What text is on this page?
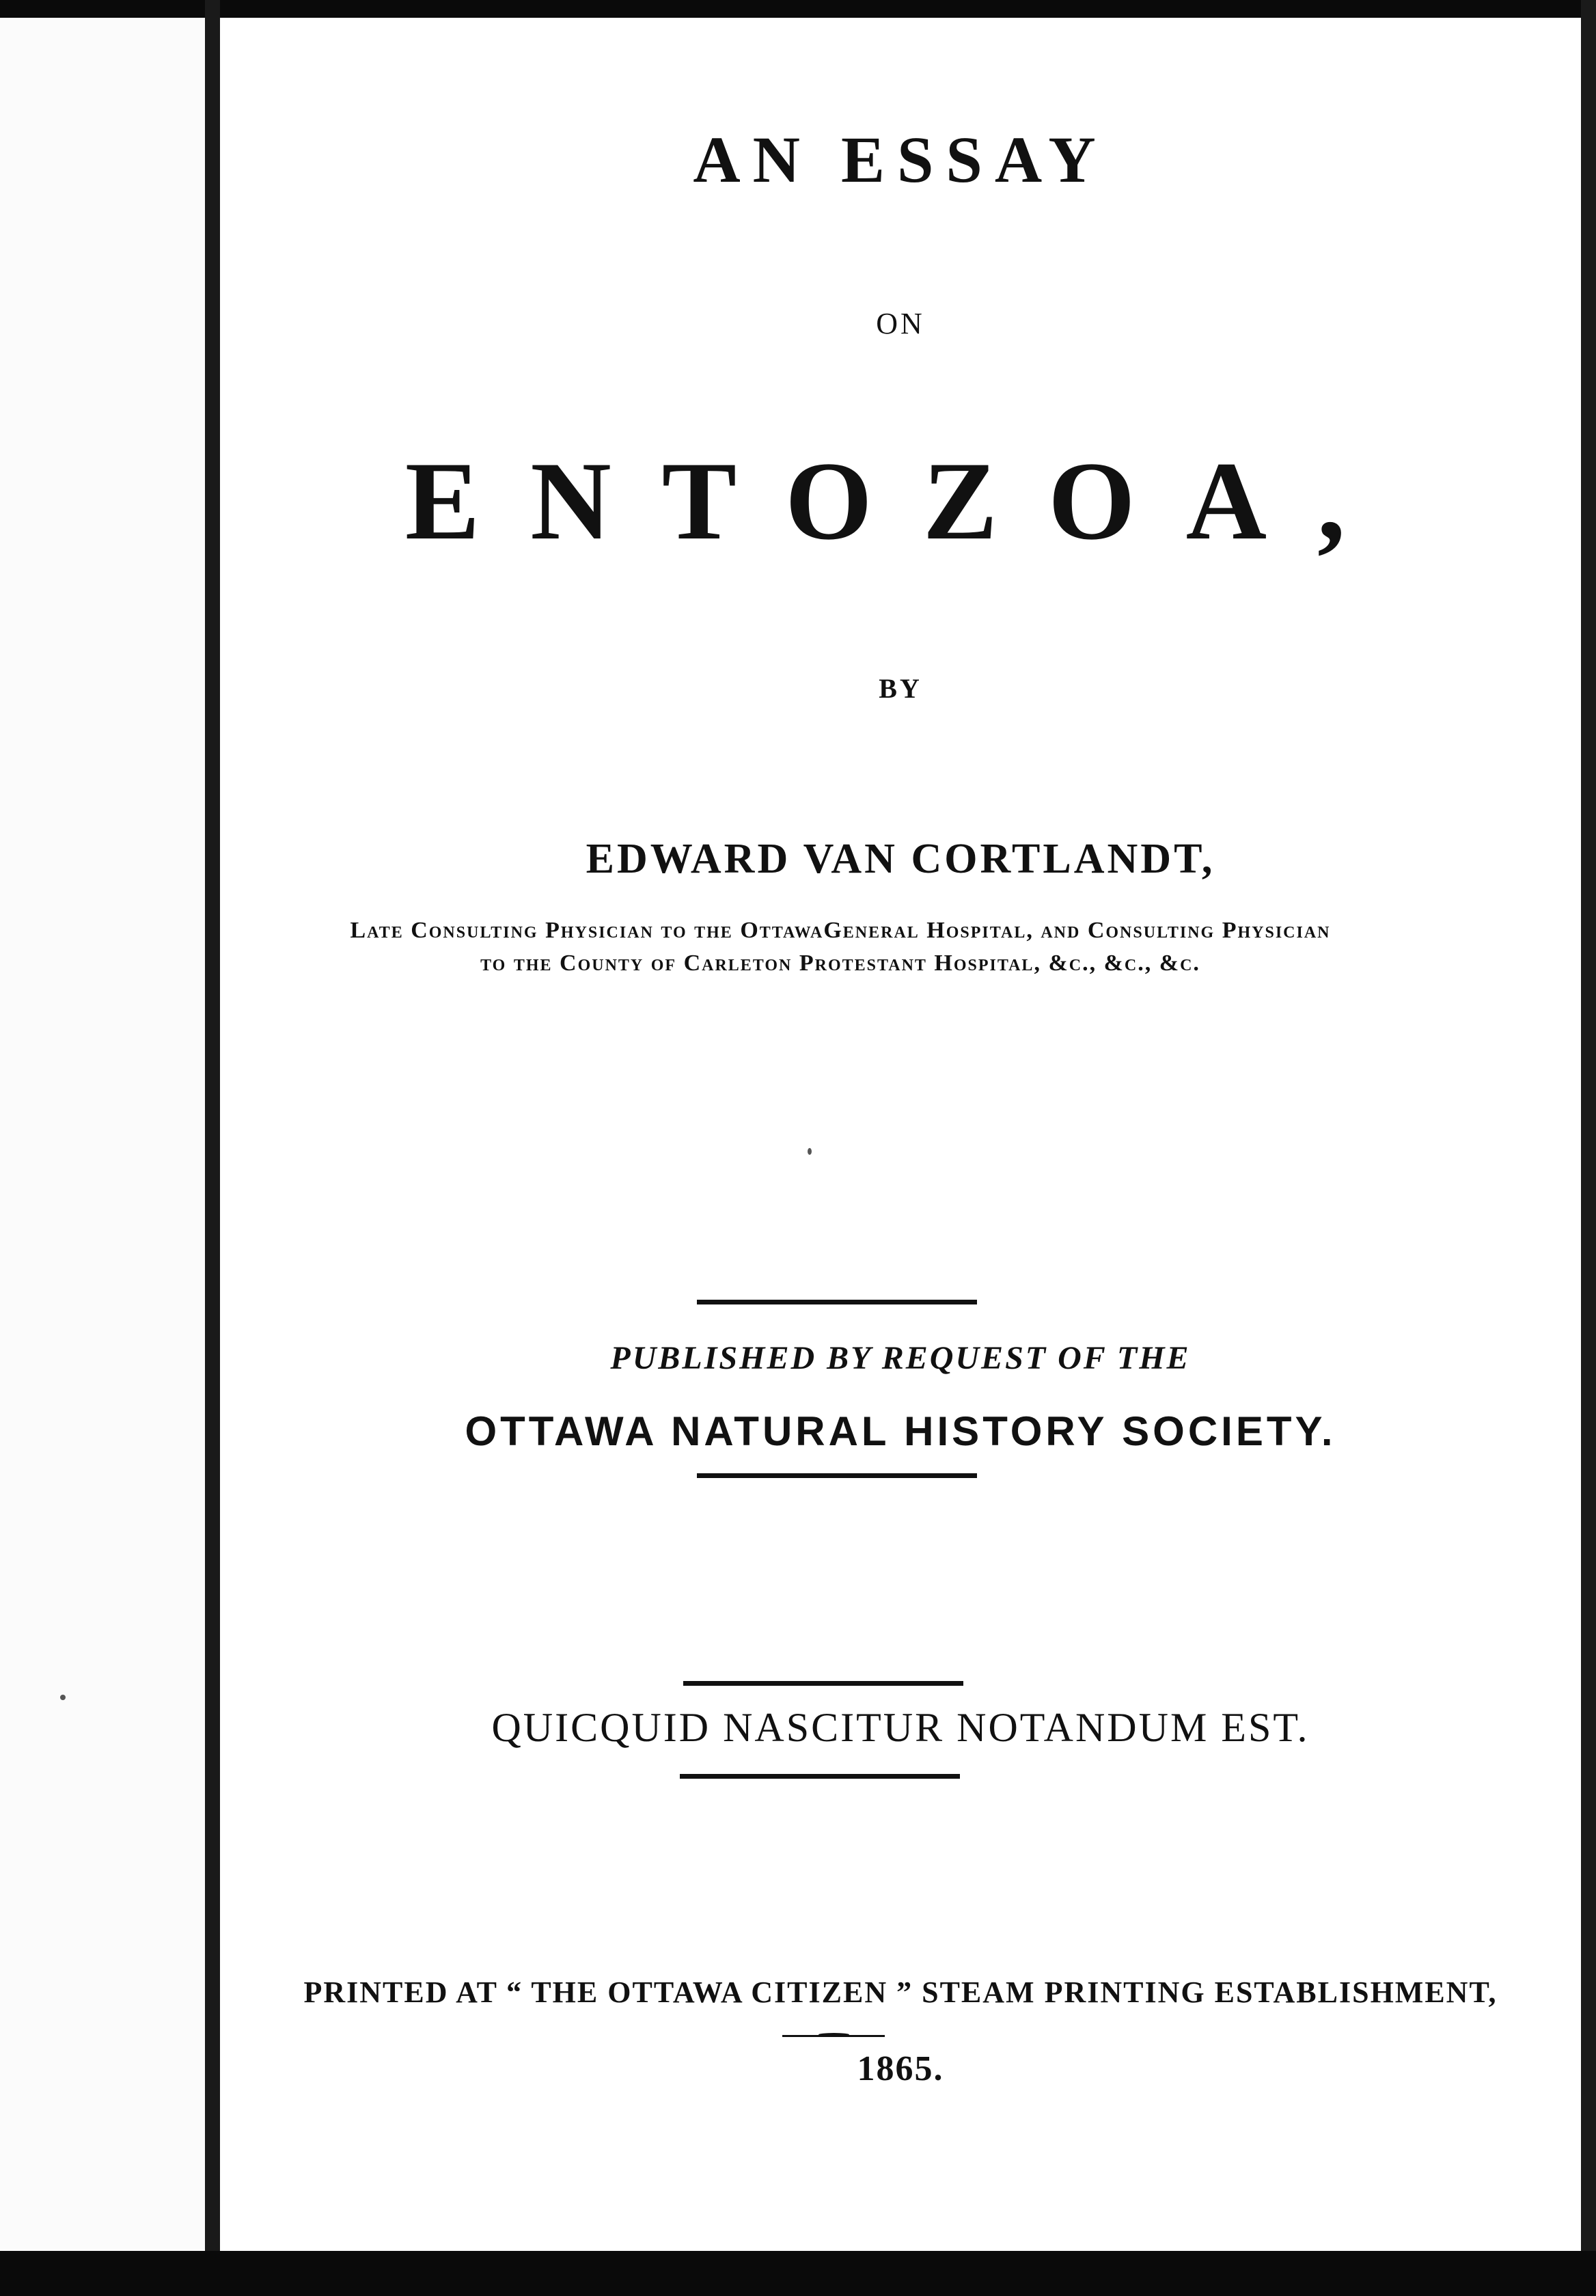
AN ESSAY
ON
ENTOZOA,
BY
EDWARD VAN CORTLANDT,
Late Consulting Physician to the OttawaGeneral Hospital, and Consulting Physician
to the County of Carleton Protestant Hospital, &c., &c., &c.
PUBLISHED BY REQUEST OF THE
OTTAWA NATURAL HISTORY SOCIETY.
QUICQUID NASCITUR NOTANDUM EST.
PRINTED AT “ THE OTTAWA CITIZEN ” STEAM PRINTING ESTABLISHMENT,
1865.
